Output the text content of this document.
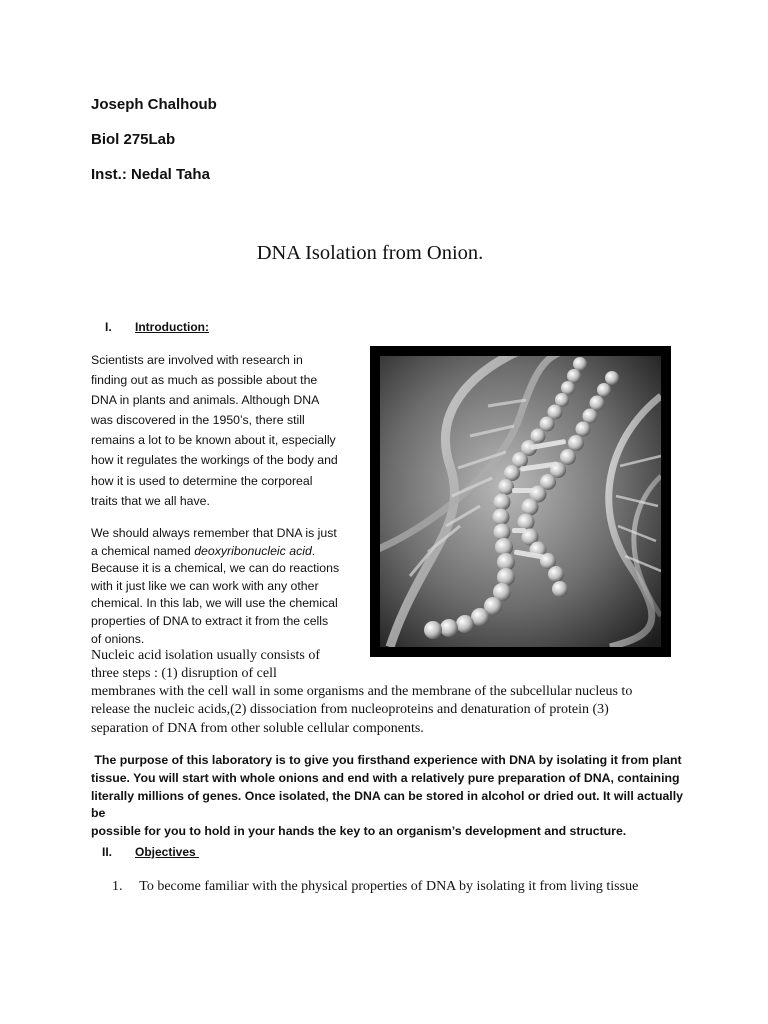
Joseph Chalhoub
Biol 275Lab
Inst.: Nedal Taha
DNA Isolation from Onion.
I. Introduction:
Scientists are involved with research in
finding out as much as possible about the
DNA in plants and animals. Although DNA
was discovered in the 1950’s, there still
remains a lot to be known about it, especially
how it regulates the workings of the body and
how it is used to determine the corporeal
traits that we all have.
We should always remember that DNA is just
a chemical named deoxyribonucleic acid.
Because it is a chemical, we can do reactions
with it just like we can work with any other
chemical. In this lab, we will use the chemical
properties of DNA to extract it from the cells
of onions.
Nucleic acid isolation usually consists of
three steps : (1) disruption of cell
membranes with the cell wall in some organisms and the membrane of the subcellular nucleus to
release the nucleic acids,(2) dissociation from nucleoproteins and denaturation of protein (3)
separation of DNA from other soluble cellular components.
The purpose of this laboratory is to give you firsthand experience with DNA by isolating it from plant
tissue. You will start with whole onions and end with a relatively pure preparation of DNA, containing
literally millions of genes. Once isolated, the DNA can be stored in alcohol or dried out. It will actually be
possible for you to hold in your hands the key to an organism’s development and structure.
II. Objectives
1. To become familiar with the physical properties of DNA by isolating it from living tissue
